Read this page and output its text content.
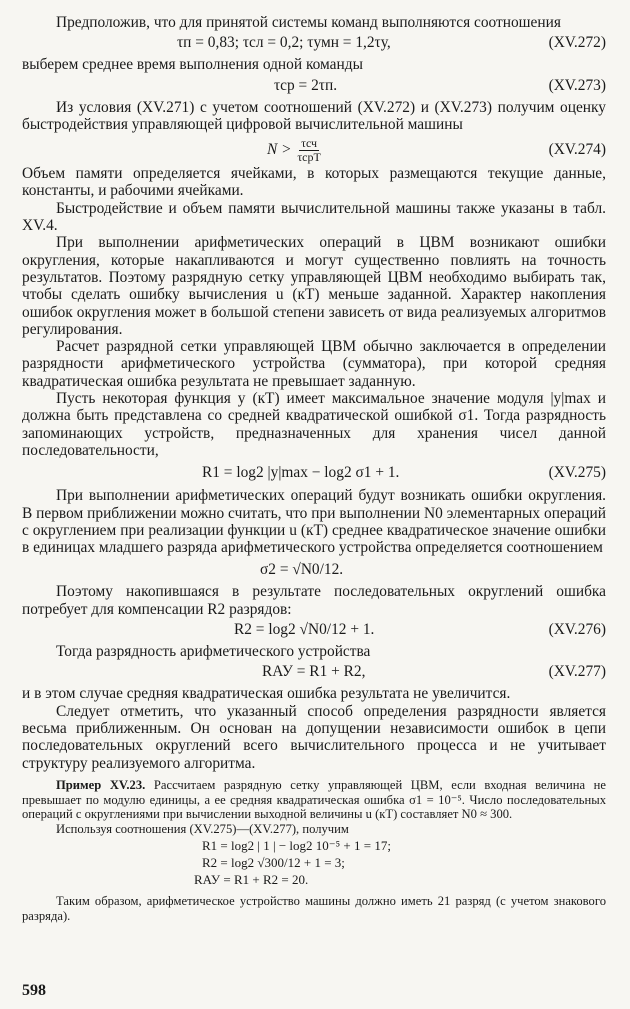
Предположив, что для принятой системы команд выполняются соотношения

τп = 0,83; τсл = 0,2; τумн = 1,2τу,	(XV.272)

выберем среднее время выполнения одной команды

τср = 2τп.	(XV.273)

Из условия (XV.271) с учетом соотношений (XV.272) и (XV.273) получим оценку быстродействия управляющей цифровой вычислительной машины

$N > \frac{\text{τсч}}{\text{τсрT}}$	(XV.274)

Объем памяти определяется ячейками, в которых размещаются текущие данные, константы, и рабочими ячейками.

Быстродействие и объем памяти вычислительной машины также указаны в табл. XV.4.

При выполнении арифметических операций в ЦВМ возникают ошибки округления, которые накапливаются и могут существенно повлиять на точность результатов. Поэтому разрядную сетку управляющей ЦВМ необходимо выбирать так, чтобы сделать ошибку вычисления u (кT) меньше заданной. Характер накопления ошибок округления может в большой степени зависеть от вида реализуемых алгоритмов регулирования.

Расчет разрядной сетки управляющей ЦВМ обычно заключается в определении разрядности арифметического устройства (сумматора), при которой средняя квадратическая ошибка результата не превышает заданную.

Пусть некоторая функция y (кT) имеет максимальное значение модуля |y|max и должна быть представлена со средней квадратической ошибкой σ1. Тогда разрядность запоминающих устройств, предназначенных для хранения чисел данной последовательности,

R1 = log2 |y|max − log2 σ1 + 1.	(XV.275)

При выполнении арифметических операций будут возникать ошибки округления. В первом приближении можно считать, что при выполнении N0 элементарных операций с округлением при реализации функции u (кT) среднее квадратическое значение ошибки в единицах младшего разряда арифметического устройства определяется соотношением

σ2 = √N0/12.

Поэтому накопившаяся в результате последовательных округлений ошибка потребует для компенсации R2 разрядов:

R2 = log2 √N0/12 + 1.	(XV.276)

Тогда разрядность арифметического устройства

RАУ = R1 + R2,	(XV.277)

и в этом случае средняя квадратическая ошибка результата не увеличится.

Следует отметить, что указанный способ определения разрядности является весьма приближенным. Он основан на допущении независимости ошибок в цепи последовательных округлений всего вычислительного процесса и не учитывает структуру реализуемого алгоритма.

Пример XV.23. Рассчитаем разрядную сетку управляющей ЦВМ, если входная величина не превышает по модулю единицы, а ее средняя квадратическая ошибка σ1 = 10⁻⁵. Число последовательных операций с округлениями при вычислении выходной величины u (кT) составляет N0 ≈ 300.

Используя соотношения (XV.275)—(XV.277), получим

R1 = log2 | 1 | − log2 10⁻⁵ + 1 = 17;
R2 = log2 √300/12 + 1 = 3;
RАУ = R1 + R2 = 20.

Таким образом, арифметическое устройство машины должно иметь 21 разряд (с учетом знакового разряда).

598
